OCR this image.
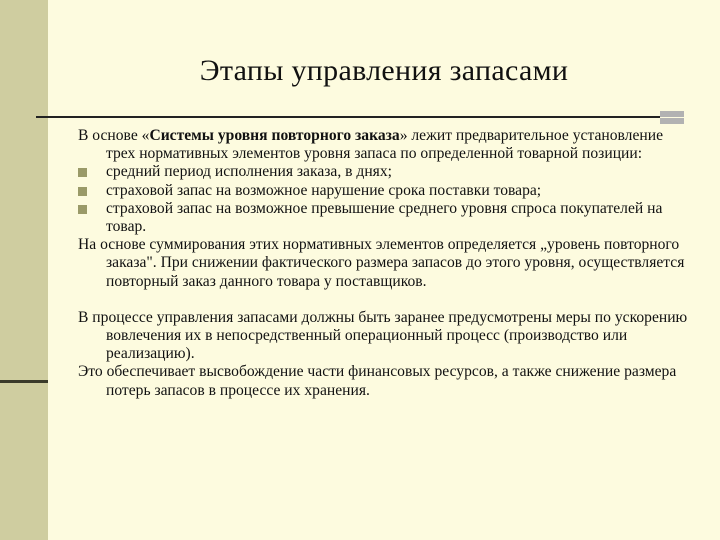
Этапы управления запасами

В основе «Системы уровня повторного заказа» лежит предварительное установление трех нормативных элементов уровня запаса по определенной товарной позиции:

средний период исполнения заказа, в днях;

страховой запас на возможное нарушение срока поставки товара;

страховой запас на возможное превышение среднего уровня спроса покупателей на товар.

На основе суммирования этих нормативных элементов определяется „уровень повторного заказа". При снижении фактического размера запасов до этого уровня, осуществляется повторный заказ данного товара у поставщиков.

В процессе управления запасами должны быть заранее предусмотрены меры по ускорению вовлечения их в непосредственный операционный процесс (производство или реализацию).

Это обеспечивает высвобождение части финансовых ресурсов, а также снижение размера потерь запасов в процессе их хранения.
